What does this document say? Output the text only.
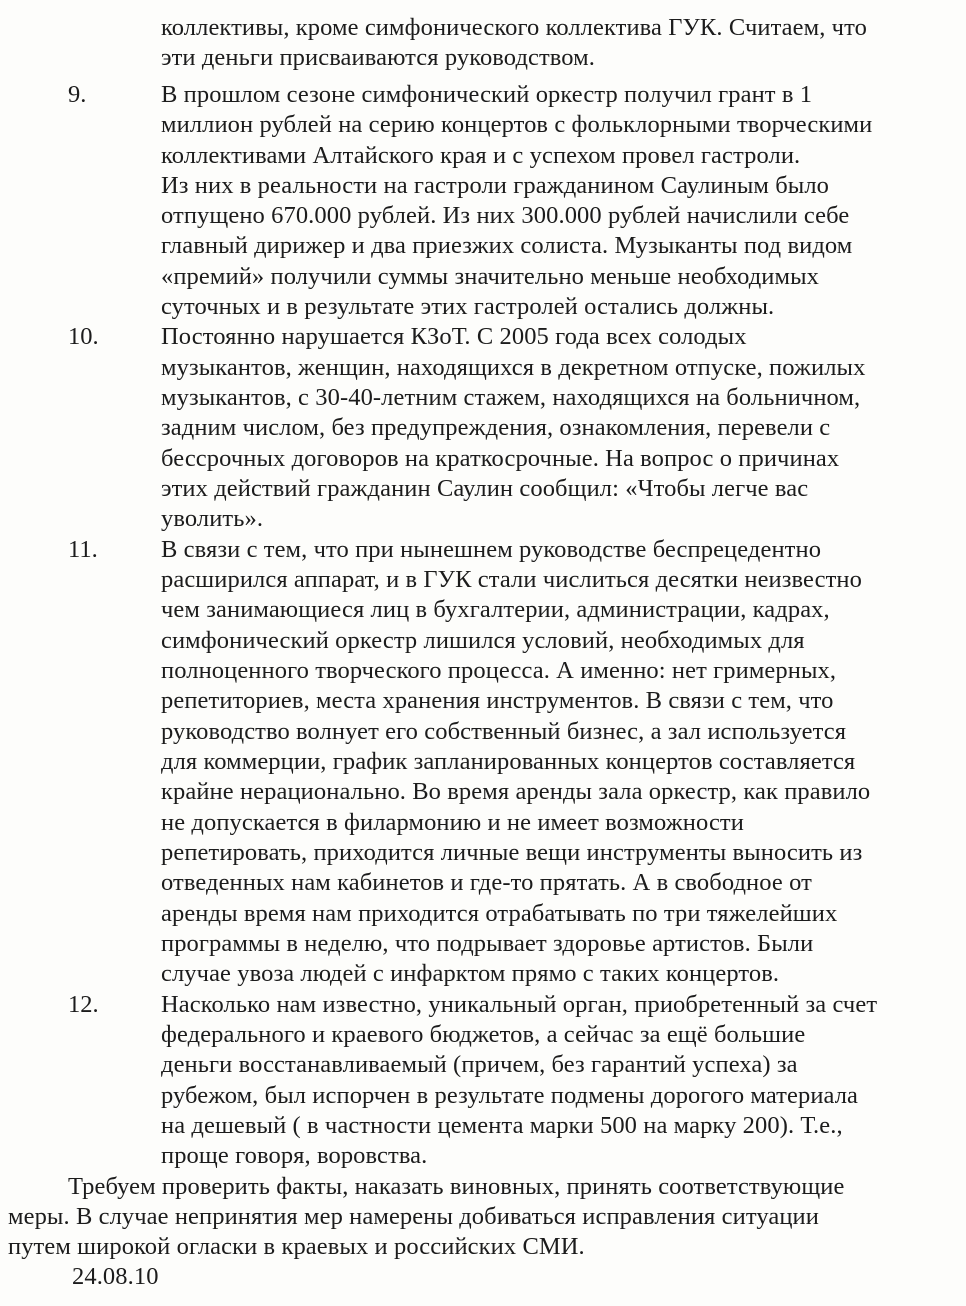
коллективы, кроме симфонического коллектива ГУК. Считаем, что
эти деньги присваиваются руководством.
9.	В прошлом сезоне симфонический оркестр получил грант в 1
миллион рублей на серию концертов с фольклорными творческими
коллективами Алтайского края и с успехом провел гастроли.
Из них в реальности на гастроли гражданином Саулиным было
отпущено 670.000 рублей. Из них 300.000 рублей начислили себе
главный дирижер и два приезжих солиста. Музыканты под видом
«премий» получили суммы значительно меньше необходимых
суточных и в результате этих гастролей остались должны.
10.	Постоянно нарушается КЗоТ. С 2005 года всех солодых
музыкантов, женщин, находящихся в декретном отпуске, пожилых
музыкантов, с 30-40-летним стажем, находящихся на больничном,
задним числом, без предупреждения, ознакомления, перевели с
бессрочных договоров на краткосрочные. На вопрос о причинах
этих действий гражданин Саулин сообщил: «Чтобы легче вас
уволить».
11.	В связи с тем, что при нынешнем руководстве беспрецедентно
расширился аппарат, и в ГУК стали числиться десятки неизвестно
чем занимающиеся лиц в бухгалтерии, администрации, кадрах,
симфонический оркестр лишился условий, необходимых для
полноценного творческого процесса. А именно: нет гримерных,
репетиториев, места хранения инструментов. В связи с тем, что
руководство волнует его собственный бизнес, а зал используется
для коммерции, график запланированных концертов составляется
крайне нерационально. Во время аренды зала оркестр, как правило
не допускается в филармонию и не имеет возможности
репетировать, приходится личные вещи инструменты выносить из
отведенных нам кабинетов и где-то прятать. А в свободное от
аренды время нам приходится отрабатывать по три тяжелейших
программы в неделю, что подрывает здоровье артистов. Были
случае увоза людей с инфарктом прямо с таких концертов.
12.	Насколько нам известно, уникальный орган, приобретенный за счет
федерального и краевого бюджетов, а сейчас за ещё большие
деньги восстанавливаемый (причем, без гарантий успеха) за
рубежом, был испорчен в результате подмены дорогого материала
на дешевый ( в частности цемента марки 500 на марку 200). Т.е.,
проще говоря, воровства.
Требуем проверить факты, наказать виновных, принять соответствующие
меры. В случае непринятия мер намерены добиваться исправления ситуации
путем широкой огласки в краевых и российских СМИ.
24.08.10
